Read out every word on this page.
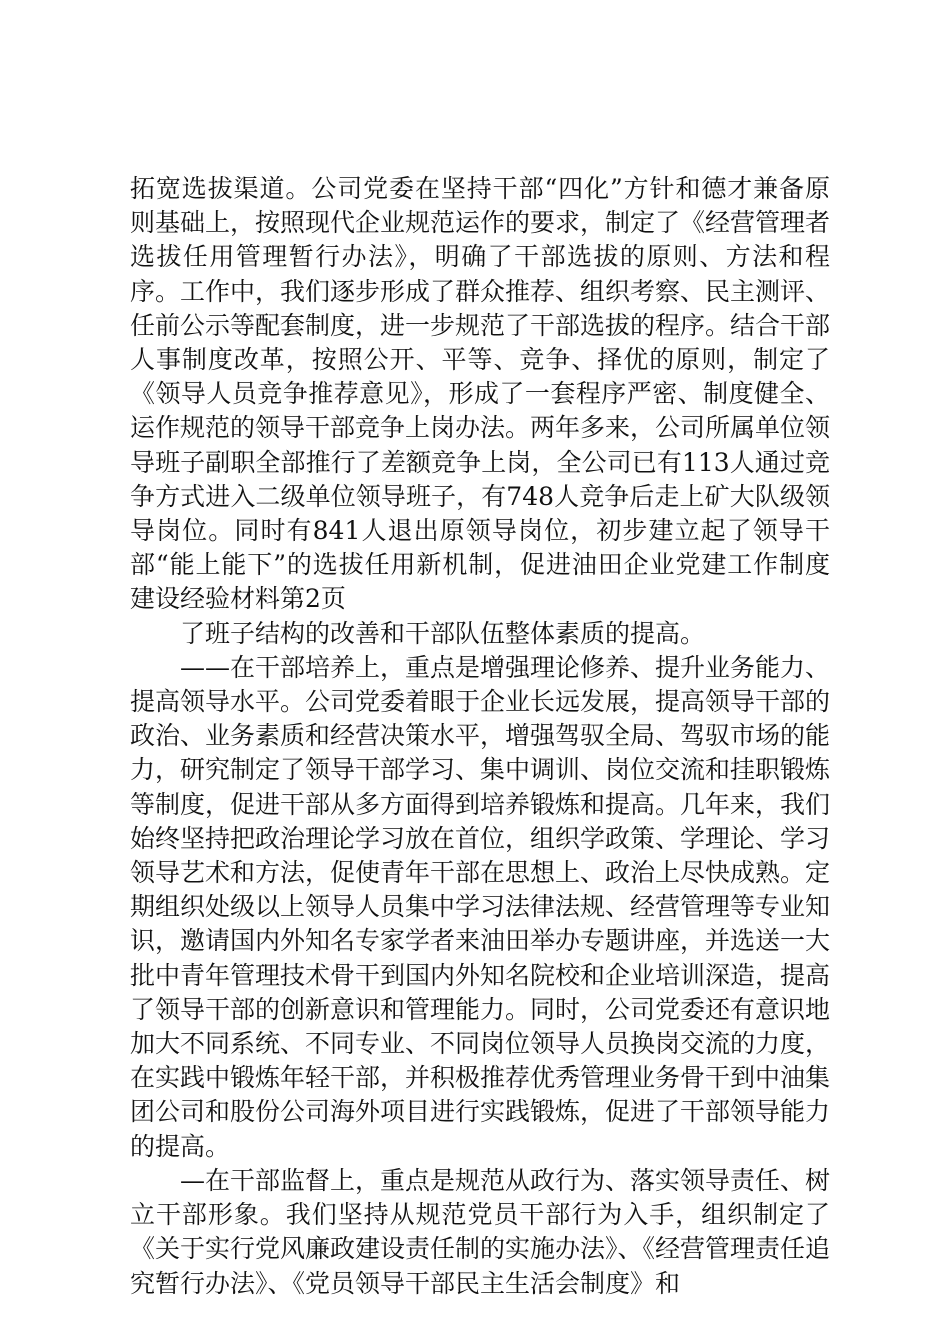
拓宽选拔渠道。公司党委在坚持干部“四化”方针和德才兼备原则基础上，按照现代企业规范运作的要求，制定了《经营管理者选拔任用管理暂行办法》，明确了干部选拔的原则、方法和程序。工作中，我们逐步形成了群众推荐、组织考察、民主测评、任前公示等配套制度，进一步规范了干部选拔的程序。结合干部人事制度改革，按照公开、平等、竞争、择优的原则，制定了《领导人员竞争推荐意见》，形成了一套程序严密、制度健全、运作规范的领导干部竞争上岗办法。两年多来，公司所属单位领导班子副职全部推行了差额竞争上岗，全公司已有113人通过竞争方式进入二级单位领导班子，有748人竞争后走上矿大队级领导岗位。同时有841人退出原领导岗位，初步建立起了领导干部“能上能下”的选拔任用新机制，促进油田企业党建工作制度建设经验材料第2页

了班子结构的改善和干部队伍整体素质的提高。

——在干部培养上，重点是增强理论修养、提升业务能力、提高领导水平。公司党委着眼于企业长远发展，提高领导干部的政治、业务素质和经营决策水平，增强驾驭全局、驾驭市场的能力，研究制定了领导干部学习、集中调训、岗位交流和挂职锻炼等制度，促进干部从多方面得到培养锻炼和提高。几年来，我们始终坚持把政治理论学习放在首位，组织学政策、学理论、学习领导艺术和方法，促使青年干部在思想上、政治上尽快成熟。定期组织处级以上领导人员集中学习法律法规、经营管理等专业知识，邀请国内外知名专家学者来油田举办专题讲座，并选送一大批中青年管理技术骨干到国内外知名院校和企业培训深造，提高了领导干部的创新意识和管理能力。同时，公司党委还有意识地加大不同系统、不同专业、不同岗位领导人员换岗交流的力度，在实践中锻炼年轻干部，并积极推荐优秀管理业务骨干到中油集团公司和股份公司海外项目进行实践锻炼，促进了干部领导能力的提高。

—在干部监督上，重点是规范从政行为、落实领导责任、树立干部形象。我们坚持从规范党员干部行为入手，组织制定了《关于实行党风廉政建设责任制的实施办法》、《经营管理责任追究暂行办法》、《党员领导干部民主生活会制度》和
